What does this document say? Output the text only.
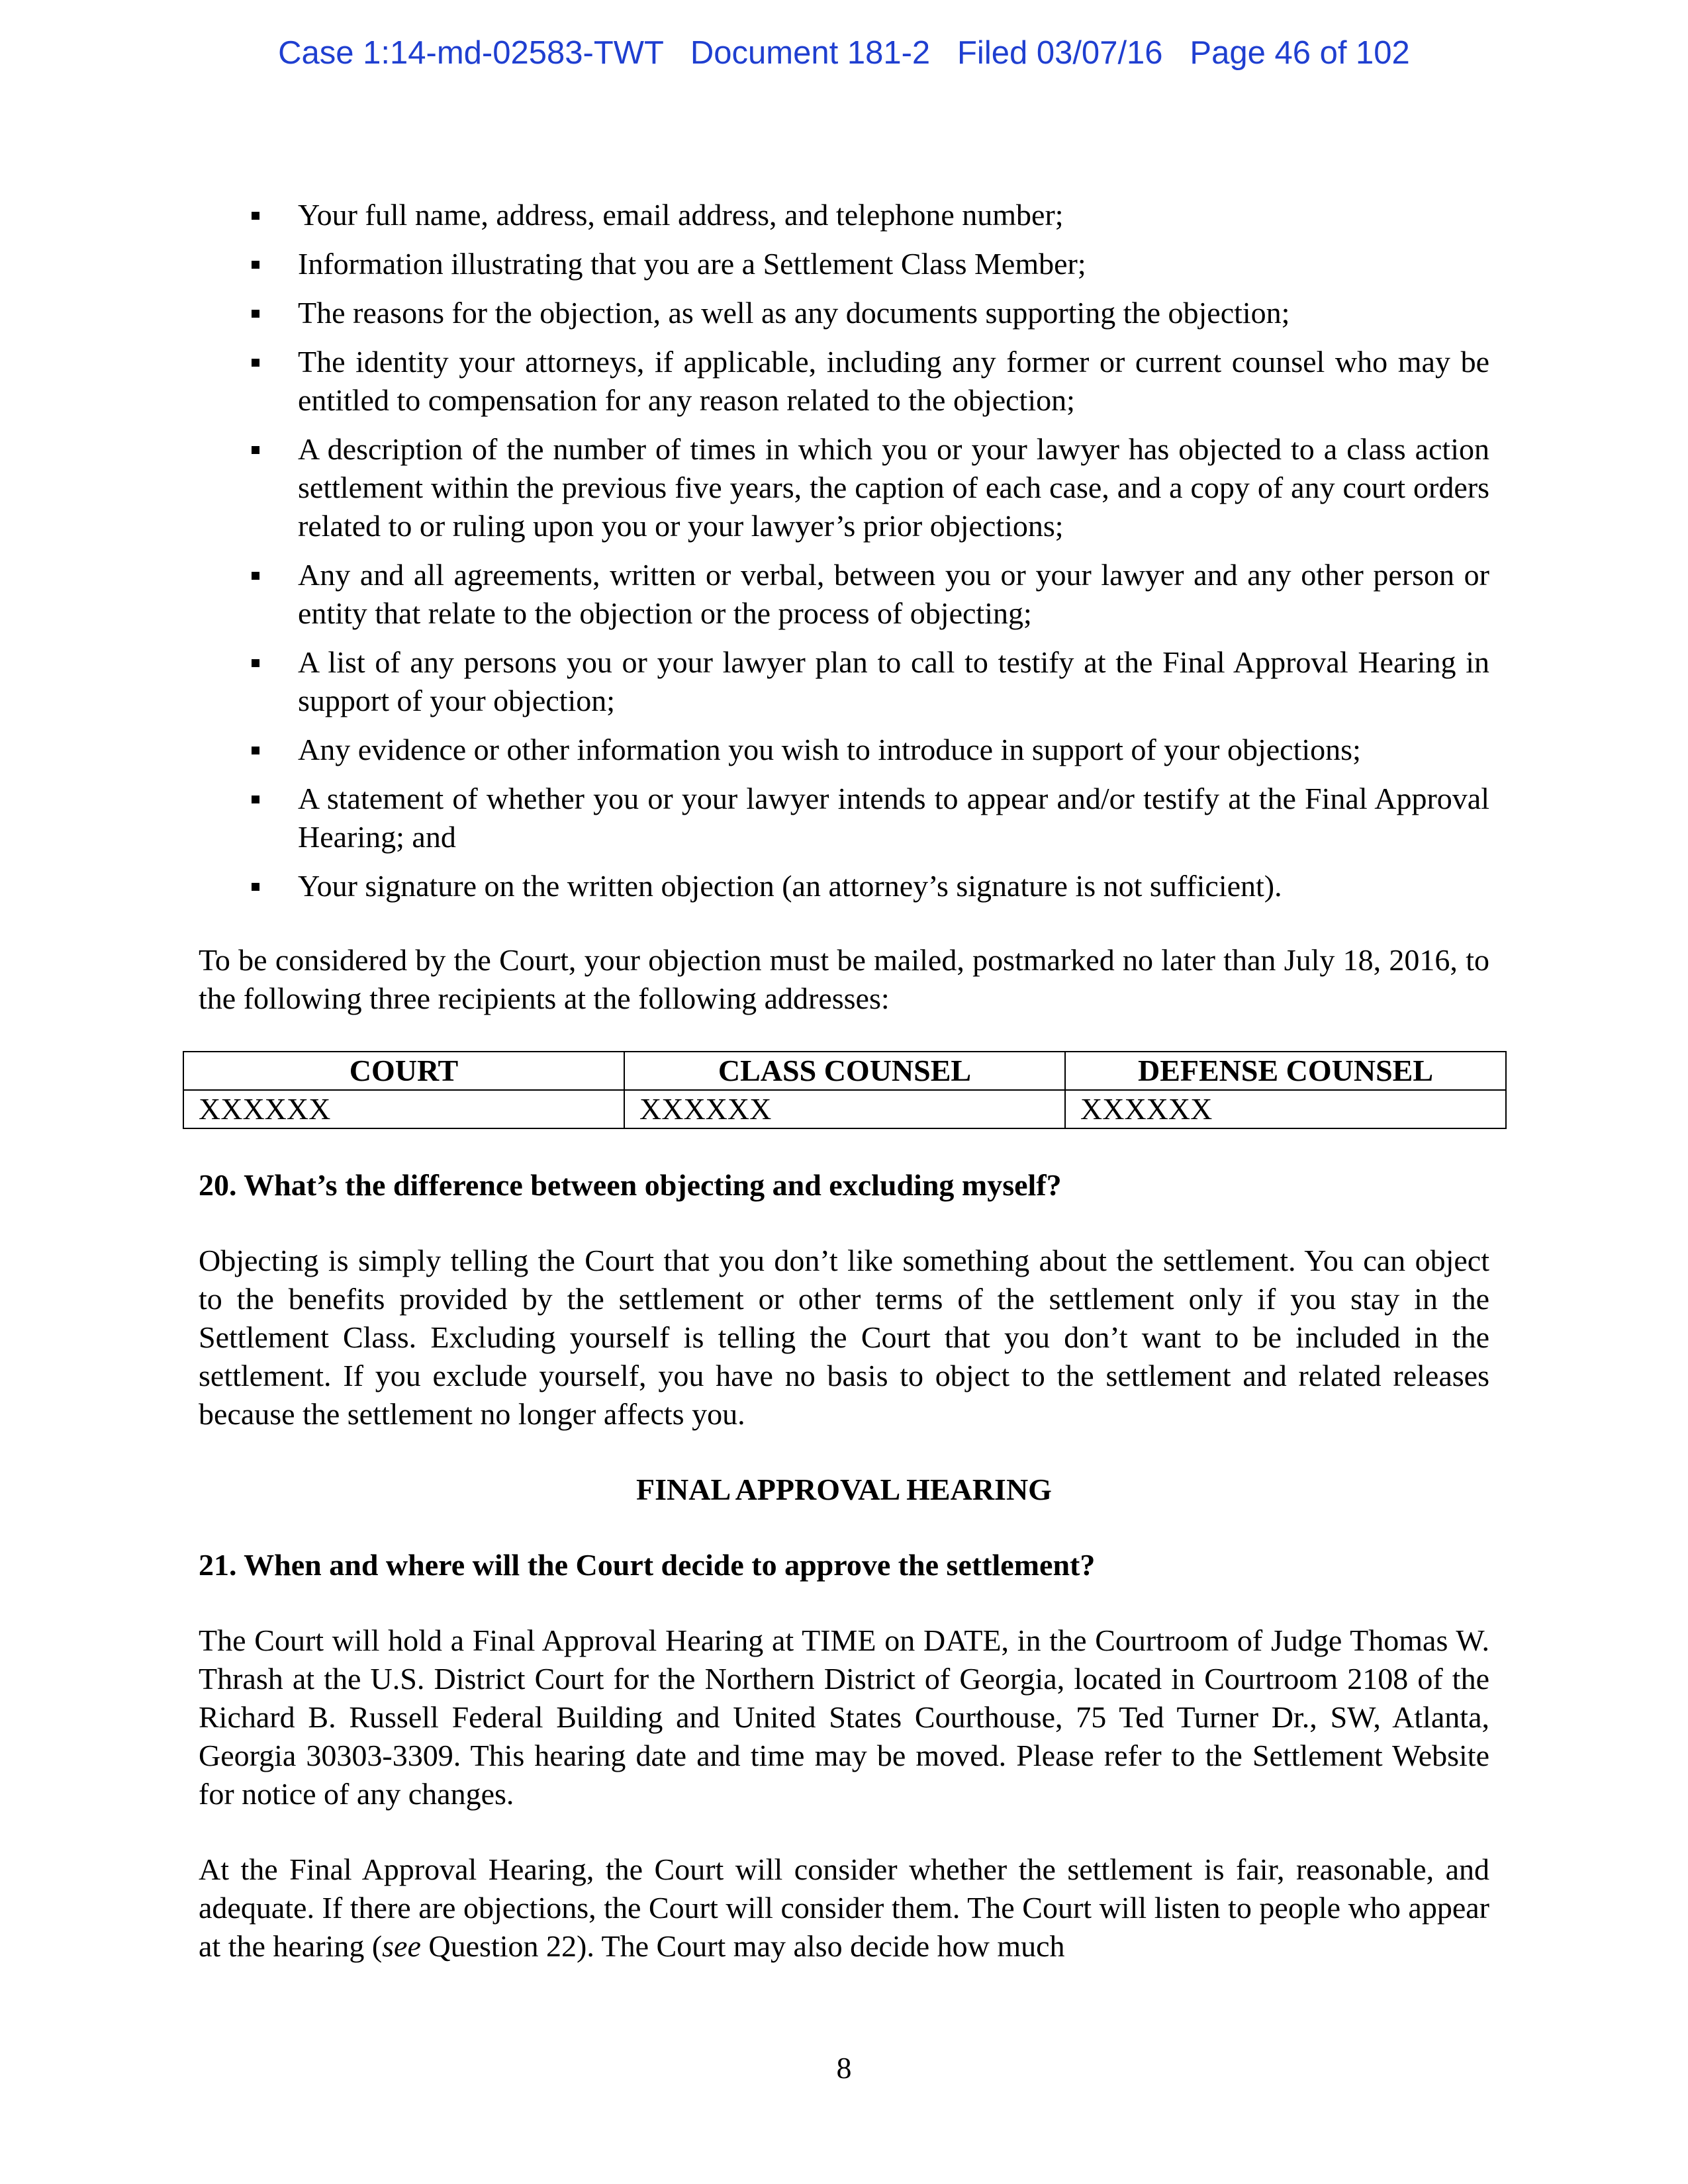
Case 1:14-md-02583-TWT Document 181-2 Filed 03/07/16 Page 46 of 102
Your full name, address, email address, and telephone number;
Information illustrating that you are a Settlement Class Member;
The reasons for the objection, as well as any documents supporting the objection;
The identity your attorneys, if applicable, including any former or current counsel who may be entitled to compensation for any reason related to the objection;
A description of the number of times in which you or your lawyer has objected to a class action settlement within the previous five years, the caption of each case, and a copy of any court orders related to or ruling upon you or your lawyer’s prior objections;
Any and all agreements, written or verbal, between you or your lawyer and any other person or entity that relate to the objection or the process of objecting;
A list of any persons you or your lawyer plan to call to testify at the Final Approval Hearing in support of your objection;
Any evidence or other information you wish to introduce in support of your objections;
A statement of whether you or your lawyer intends to appear and/or testify at the Final Approval Hearing; and
Your signature on the written objection (an attorney’s signature is not sufficient).

To be considered by the Court, your objection must be mailed, postmarked no later than July 18, 2016, to the following three recipients at the following addresses:

COURT	CLASS COUNSEL	DEFENSE COUNSEL
XXXXXX	XXXXXX	XXXXXX
20. What’s the difference between objecting and excluding myself?

Objecting is simply telling the Court that you don’t like something about the settlement. You can object to the benefits provided by the settlement or other terms of the settlement only if you stay in the Settlement Class. Excluding yourself is telling the Court that you don’t want to be included in the settlement. If you exclude yourself, you have no basis to object to the settlement and related releases because the settlement no longer affects you.

FINAL APPROVAL HEARING
21. When and where will the Court decide to approve the settlement?

The Court will hold a Final Approval Hearing at TIME on DATE, in the Courtroom of Judge Thomas W. Thrash at the U.S. District Court for the Northern District of Georgia, located in Courtroom 2108 of the Richard B. Russell Federal Building and United States Courthouse, 75 Ted Turner Dr., SW, Atlanta, Georgia 30303-3309. This hearing date and time may be moved. Please refer to the Settlement Website for notice of any changes.

At the Final Approval Hearing, the Court will consider whether the settlement is fair, reasonable, and adequate. If there are objections, the Court will consider them. The Court will listen to people who appear at the hearing (see Question 22). The Court may also decide how much

8
